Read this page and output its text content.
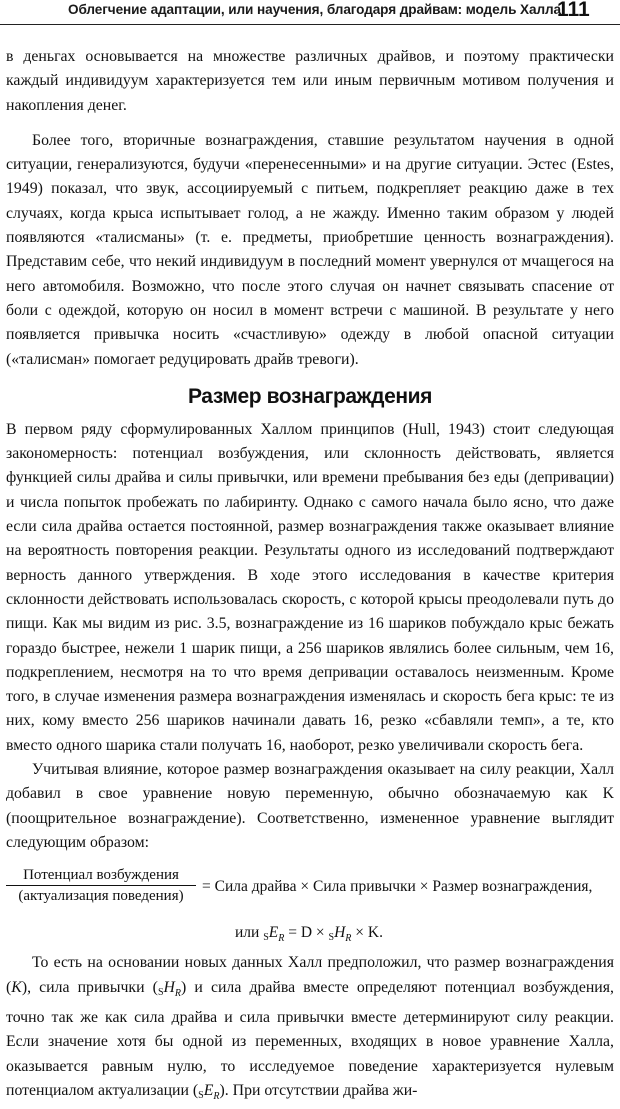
Облегчение адаптации, или научения, благодаря драйвам: модель Халла
111

в деньгах основывается на множестве различных драйвов, и поэтому практически каждый индивидуум характеризуется тем или иным первичным мотивом получения и накопления денег.

Более того, вторичные вознаграждения, ставшие результатом научения в одной ситуации, генерализуются, будучи «перенесенными» и на другие ситуации. Эстес (Estes, 1949) показал, что звук, ассоциируемый с питьем, подкрепляет реакцию даже в тех случаях, когда крыса испытывает голод, а не жажду. Именно таким образом у людей появляются «талисманы» (т. е. предметы, приобретшие ценность вознаграждения). Представим себе, что некий индивидуум в последний момент увернулся от мчащегося на него автомобиля. Возможно, что после этого случая он начнет связывать спасение от боли с одеждой, которую он носил в момент встречи с машиной. В результате у него появляется привычка носить «счастливую» одежду в любой опасной ситуации («талисман» помогает редуцировать драйв тревоги).

Размер вознаграждения

В первом ряду сформулированных Халлом принципов (Hull, 1943) стоит следующая закономерность: потенциал возбуждения, или склонность действовать, является функцией силы драйва и силы привычки, или времени пребывания без еды (депривации) и числа попыток пробежать по лабиринту. Однако с самого начала было ясно, что даже если сила драйва остается постоянной, размер вознаграждения также оказывает влияние на вероятность повторения реакции. Результаты одного из исследований подтверждают верность данного утверждения. В ходе этого исследования в качестве критерия склонности действовать использовалась скорость, с которой крысы преодолевали путь до пищи. Как мы видим из рис. 3.5, вознаграждение из 16 шариков побуждало крыс бежать гораздо быстрее, нежели 1 шарик пищи, а 256 шариков являлись более сильным, чем 16, подкреплением, несмотря на то что время депривации оставалось неизменным. Кроме того, в случае изменения размера вознаграждения изменялась и скорость бега крыс: те из них, кому вместо 256 шариков начинали давать 16, резко «сбавляли темп», а те, кто вместо одного шарика стали получать 16, наоборот, резко увеличивали скорость бега.

Учитывая влияние, которое размер вознаграждения оказывает на силу реакции, Халл добавил в свое уравнение новую переменную, обычно обозначаемую как K (поощрительное вознаграждение). Соответственно, измененное уравнение выглядит следующим образом:

Потенциал возбуждения
(актуализация поведения)
= Сила драйва × Сила привычки × Размер вознаграждения,
или $_SE_R = D \times _SH_R \times K$.

То есть на основании новых данных Халл предположил, что размер вознаграждения (K), сила привычки $(_SH_R)$ и сила драйва вместе определяют потенциал возбуждения, точно так же как сила драйва и сила привычки вместе детерминируют силу реакции. Если значение хотя бы одной из переменных, входящих в новое уравнение Халла, оказывается равным нулю, то исследуемое поведение характеризуется нулевым потенциалом актуализации $(_SE_R)$. При отсутствии драйва жи-
